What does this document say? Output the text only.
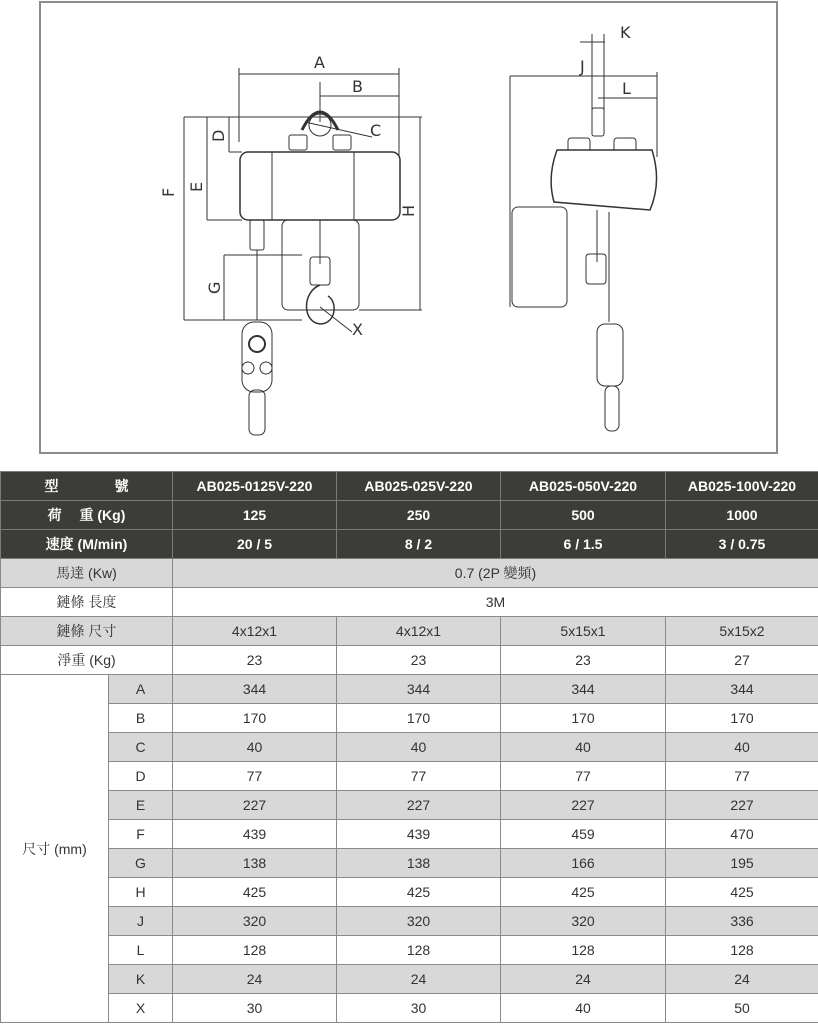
A
B
C
X
F
E
D
G
H
K
J
L
型　　　　號		AB025-0125V-220	AB025-025V-220	AB025-050V-220	AB025-100V-220
荷　 重 (Kg)		125	250	500	1000
速度 (M/min)		20 / 5	8 / 2	6 / 1.5	3 / 0.75
馬達 (Kw)		0.7 (2P 變頻)			
鏈條 長度		3M			
鏈條 尺寸		4x12x1	4x12x1	5x15x1	5x15x2
淨重 (Kg)		23	23	23	27
尺寸 (mm)	A	344	344	344	344
	B	170	170	170	170
	C	40	40	40	40
	D	77	77	77	77
	E	227	227	227	227
	F	439	439	459	470
	G	138	138	166	195
	H	425	425	425	425
	J	320	320	320	336
	L	128	128	128	128
	K	24	24	24	24
	X	30	30	40	50
